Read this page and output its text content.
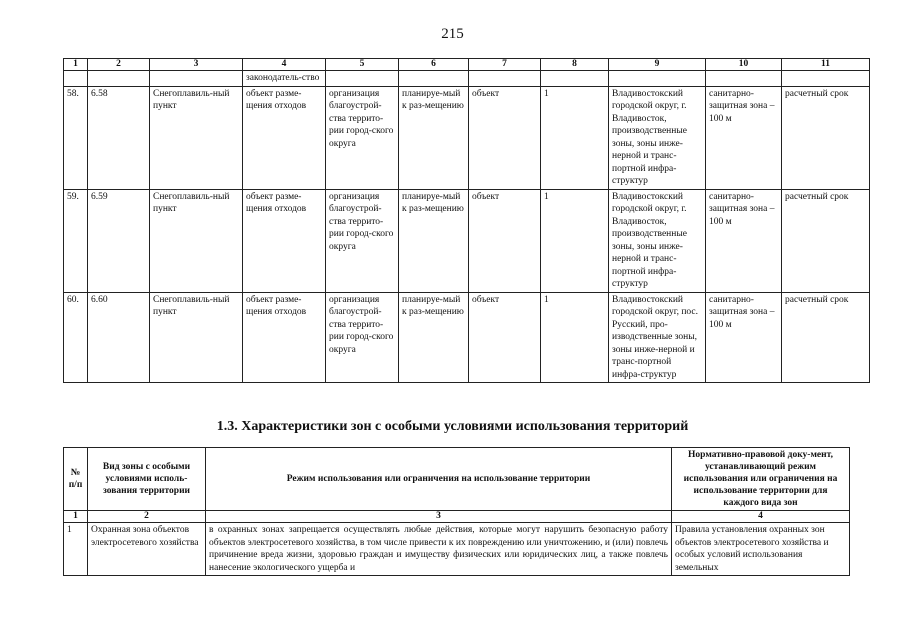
215
1	2	3	4	5	6	7	8	9	10	11
			законодатель-ство							
58.	6.58	Снегоплавиль-ный пункт	объект разме-щения отходов	организация благоустрой-ства террито-рии город-ского округа	планируе-мый к раз-мещению	объект	1	Владивостокский городской округ, г. Владивосток, производственные зоны, зоны инже-нерной и транс-портной инфра-структур	санитарно-защитная зона – 100 м	расчетный срок
59.	6.59	Снегоплавиль-ный пункт	объект разме-щения отходов	организация благоустрой-ства террито-рии город-ского округа	планируе-мый к раз-мещению	объект	1	Владивостокский городской округ, г. Владивосток, производственные зоны, зоны инже-нерной и транс-портной инфра-структур	санитарно-защитная зона – 100 м	расчетный срок
60.	6.60	Снегоплавиль-ный пункт	объект разме-щения отходов	организация благоустрой-ства террито-рии город-ского округа	планируе-мый к раз-мещению	объект	1	Владивостокский городской округ, пос. Русский, про-изводственные зоны, зоны инже-нерной и транс-портной инфра-структур	санитарно-защитная зона – 100 м	расчетный срок
1.3. Характеристики зон с особыми условиями использования территорий
№ п/п	Вид зоны с особыми условиями исполь-зования территории	Режим использования или ограничения на использование территории	Нормативно-правовой доку-мент, устанавливающий режим использования или ограничения на использование территории для каждого вида зон
1	2	3	4
1	Охранная зона объектов электросетевого хозяйства	в охранных зонах запрещается осуществлять любые действия, которые могут нарушить безопасную работу объектов электросетевого хозяйства, в том числе привести к их повреждению или уничтожению, и (или) повлечь причинение вреда жизни, здоровью граждан и имуществу физических или юридических лиц, а также повлечь нанесение экологического ущерба и	Правила установления охранных зон объектов электросетевого хозяйства и особых условий использования земельных
